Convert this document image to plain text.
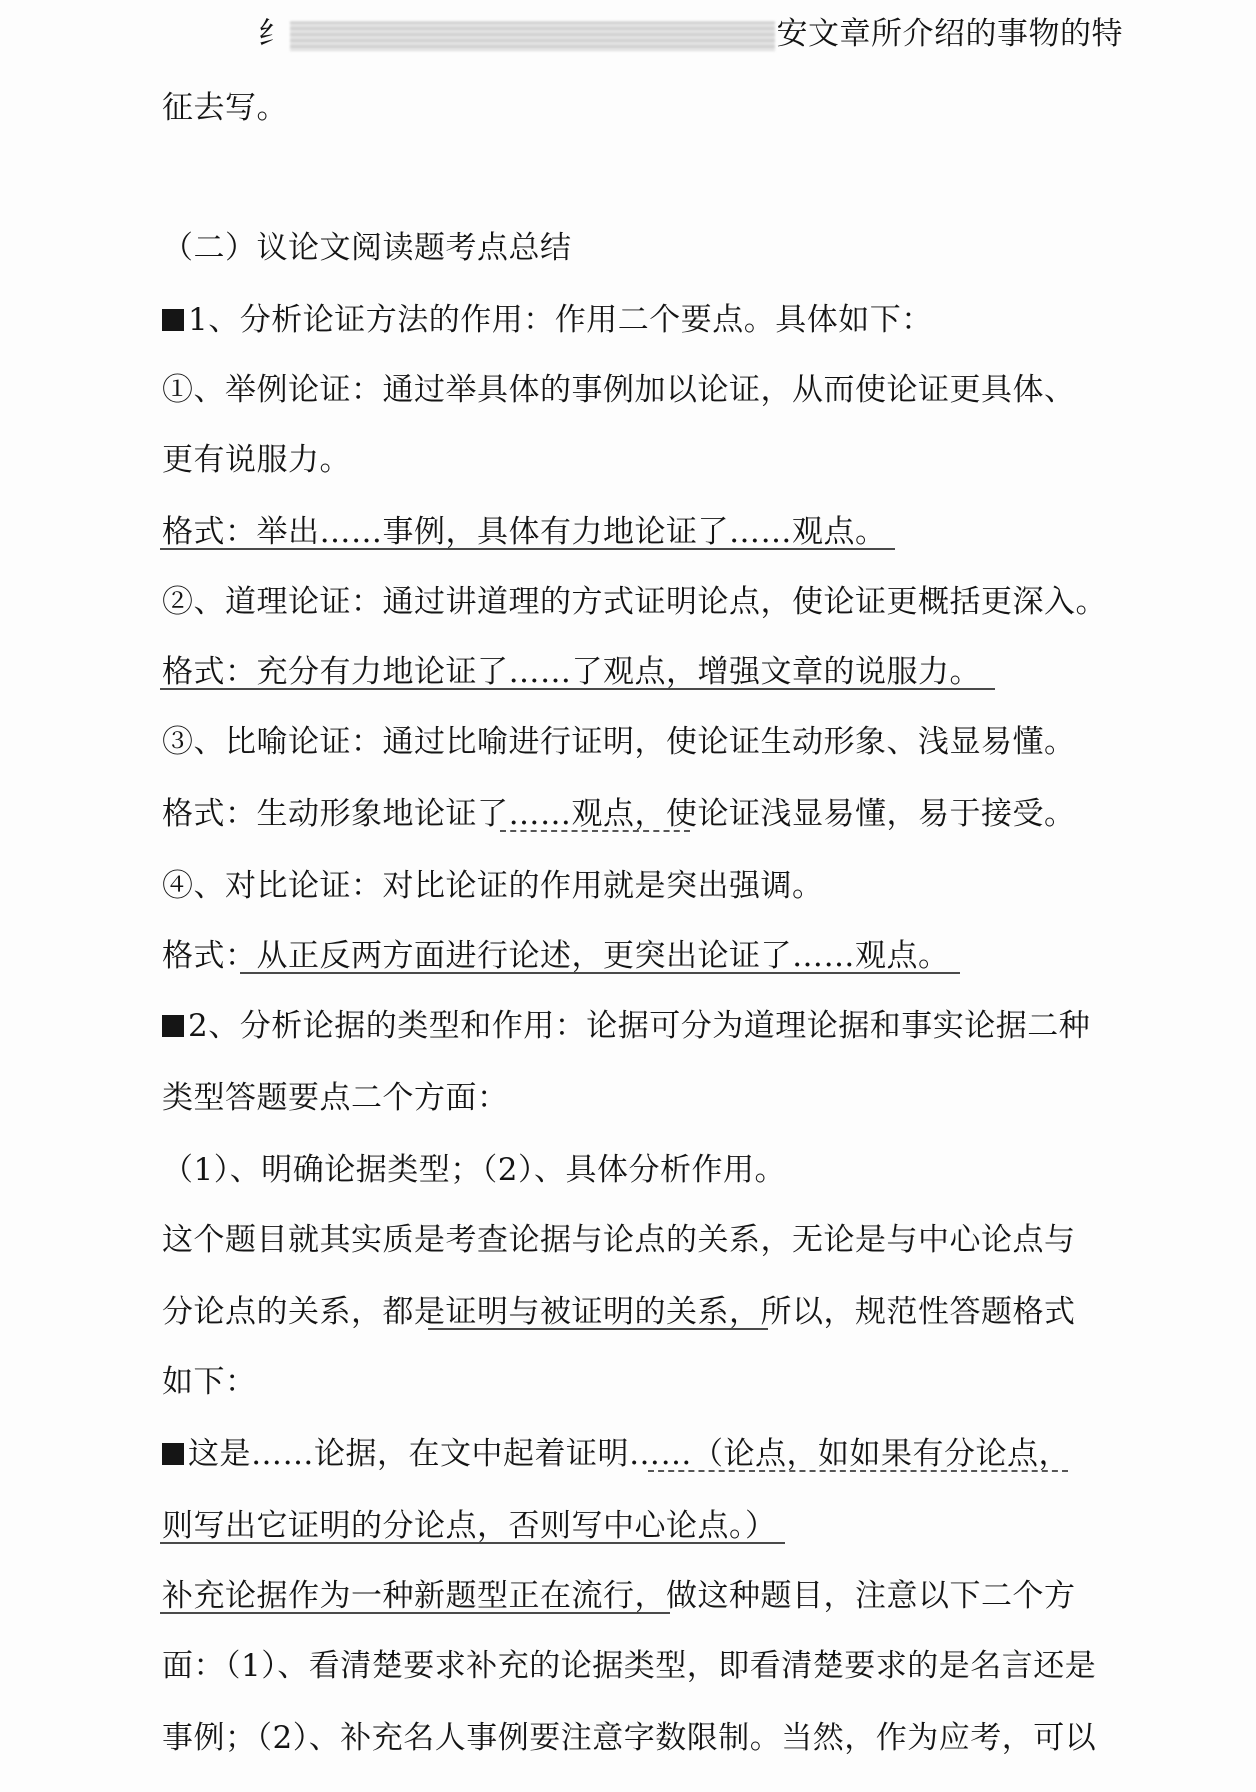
纟	安文章所介绍的事物的特
征去写。
（二）议论文阅读题考点总结
1、分析论证方法的作用：作用二个要点。具体如下：
①、举例论证：通过举具体的事例加以论证，从而使论证更具体、
更有说服力。
格式：举出……事例，具体有力地论证了……观点。
②、道理论证：通过讲道理的方式证明论点，使论证更概括更深入。
格式：充分有力地论证了……了观点，增强文章的说服力。
③、比喻论证：通过比喻进行证明，使论证生动形象、浅显易懂。
格式：生动形象地论证了……观点，使论证浅显易懂，易于接受。
④、对比论证：对比论证的作用就是突出强调。
格式：从正反两方面进行论述，更突出论证了……观点。
2、分析论据的类型和作用：论据可分为道理论据和事实论据二种
类型答题要点二个方面：
（1）、明确论据类型；（2）、具体分析作用。
这个题目就其实质是考查论据与论点的关系，无论是与中心论点与
分论点的关系，都是证明与被证明的关系，所以，规范性答题格式
如下：
这是……论据，在文中起着证明……（论点，如如果有分论点，
则写出它证明的分论点，否则写中心论点。）
补充论据作为一种新题型正在流行，做这种题目，注意以下二个方
面：（1）、看清楚要求补充的论据类型，即看清楚要求的是名言还是
事例；（2）、补充名人事例要注意字数限制。当然，作为应考，可以
